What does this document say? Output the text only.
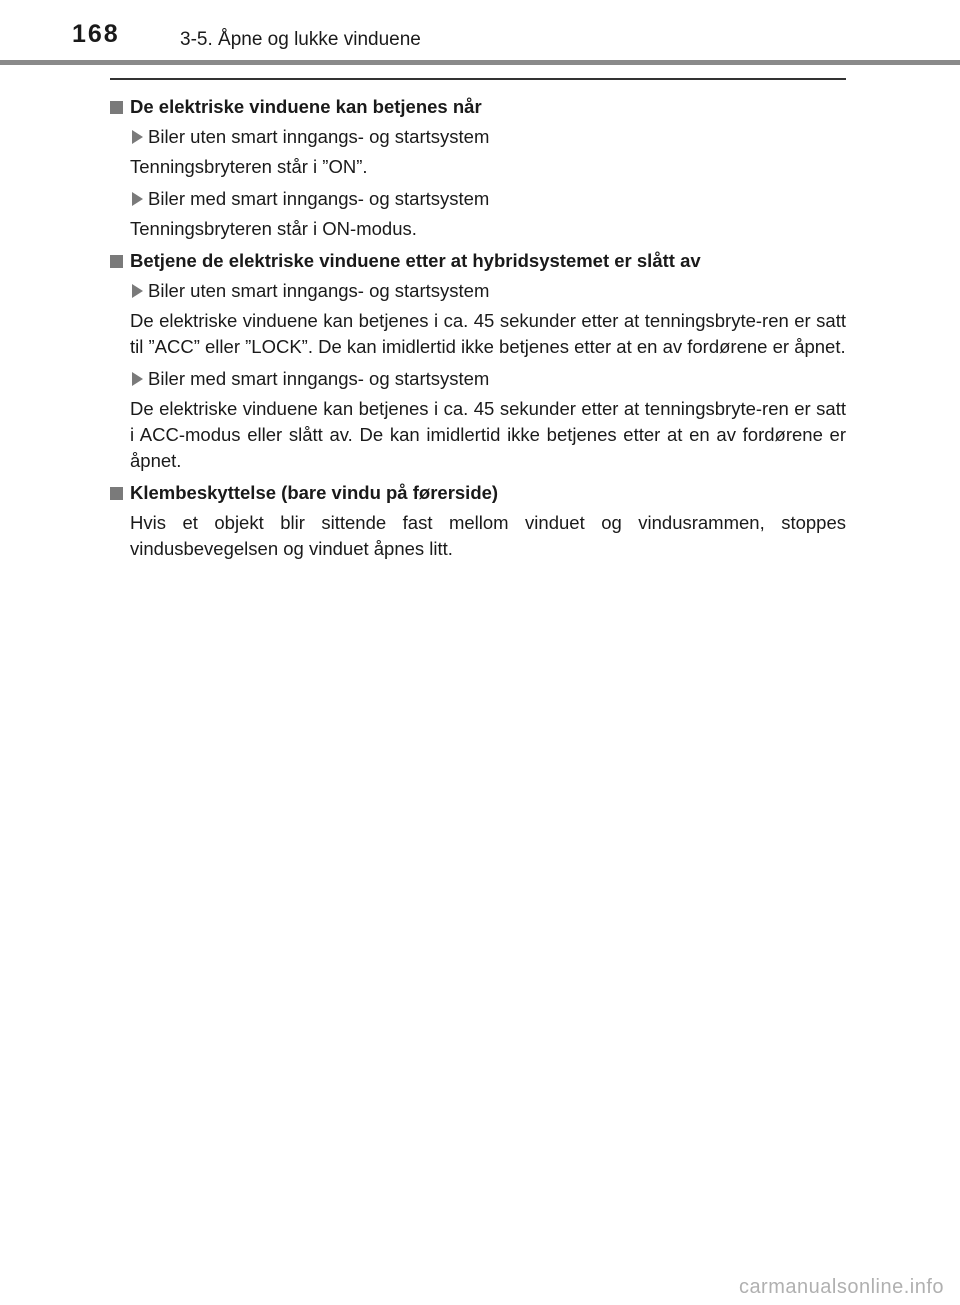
168	3-5. Åpne og lukke vinduene
De elektriske vinduene kan betjenes når
Biler uten smart inngangs- og startsystem
Tenningsbryteren står i ”ON”.
Biler med smart inngangs- og startsystem
Tenningsbryteren står i ON-modus.
Betjene de elektriske vinduene etter at hybridsystemet er slått av
Biler uten smart inngangs- og startsystem
De elektriske vinduene kan betjenes i ca. 45 sekunder etter at tenningsbryte-ren er satt til ”ACC” eller ”LOCK”. De kan imidlertid ikke betjenes etter at en av fordørene er åpnet.
Biler med smart inngangs- og startsystem
De elektriske vinduene kan betjenes i ca. 45 sekunder etter at tenningsbryte-ren er satt i ACC-modus eller slått av. De kan imidlertid ikke betjenes etter at en av fordørene er åpnet.
Klembeskyttelse (bare vindu på førerside)
Hvis et objekt blir sittende fast mellom vinduet og vindusrammen, stoppes vindusbevegelsen og vinduet åpnes litt.
carmanualsonline.info
